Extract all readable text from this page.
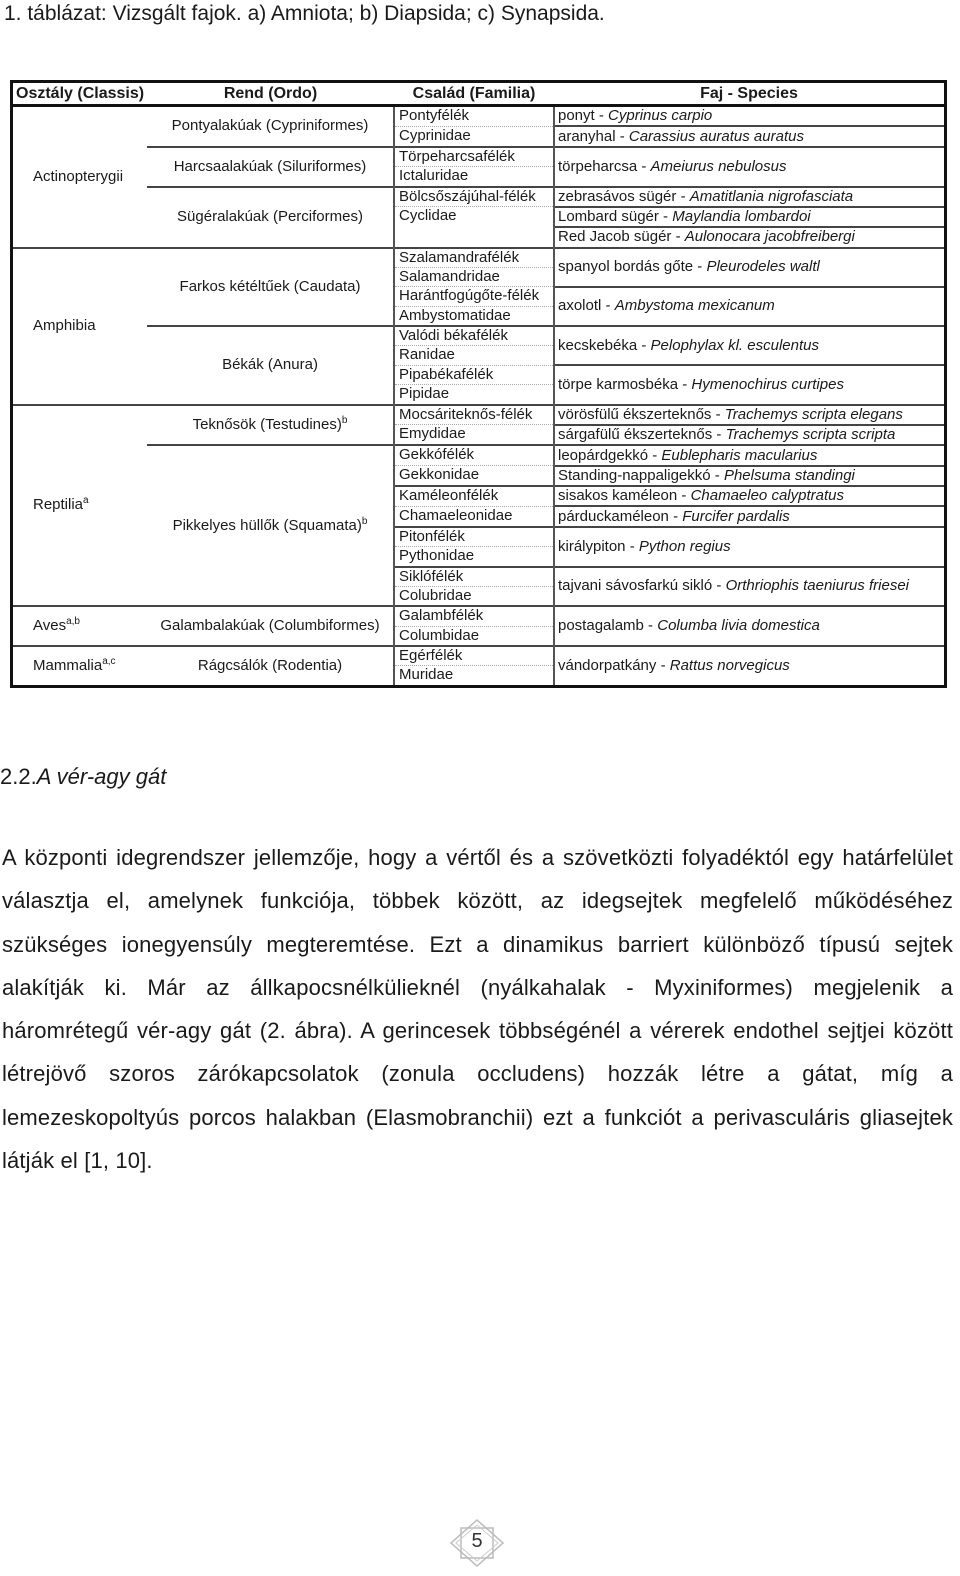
1. táblázat: Vizsgált fajok. a) Amniota; b) Diapsida; c) Synapsida.
Osztály (Classis)	Rend (Ordo)	Család (Familia)	Faj - Species
Actinopterygii	Pontyalakúak (Cypriniformes)	Pontyfélék	ponyt - Cyprinus carpio
		Cyprinidae	aranyhal - Carassius auratus auratus
	Harcsaalakúak (Siluriformes)	Törpeharcsafélék	törpeharcsa - Ameiurus nebulosus
		Ictaluridae	
	Sügéralakúak (Perciformes)	Bölcsőszájúhal-félék	zebrasávos sügér - Amatitlania nigrofasciata
		Cyclidae	Lombard sügér - Maylandia lombardoi
			Red Jacob sügér - Aulonocara jacobfreibergi
Amphibia	Farkos kétéltűek (Caudata)	Szalamandrafélék	spanyol bordás gőte - Pleurodeles waltl
		Salamandridae	
		Harántfogúgőte-félék	axolotl - Ambystoma mexicanum
		Ambystomatidae	
	Békák (Anura)	Valódi békafélék	kecskebéka - Pelophylax kl. esculentus
		Ranidae	
		Pipabékafélék	törpe karmosbéka - Hymenochirus curtipes
		Pipidae	
Reptilia$^a$	Teknősök (Testudines)$^b$	Mocsáriteknős-félék	vörösfülű ékszerteknős - Trachemys scripta elegans
		Emydidae	sárgafülű ékszerteknős - Trachemys scripta scripta
	Pikkelyes hüllők (Squamata)$^b$	Gekkófélék	leopárdgekkó - Eublepharis macularius
		Gekkonidae	Standing-nappaligekkó - Phelsuma standingi
		Kaméleonfélék	sisakos kaméleon - Chamaeleo calyptratus
		Chamaeleonidae	párduckaméleon - Furcifer pardalis
		Pitonfélék	királypiton - Python regius
		Pythonidae	
		Siklófélék	tajvani sávosfarkú sikló - Orthriophis taeniurus friesei
		Colubridae	
Aves$^{a,b}$	Galambalakúak (Columbiformes)	Galambfélék	postagalamb - Columba livia domestica
		Columbidae	
Mammalia$^{a,c}$	Rágcsálók (Rodentia)	Egérfélék	vándorpatkány - Rattus norvegicus
		Muridae	
2.2.A vér-agy gát
A központi idegrendszer jellemzője, hogy a vértől és a szövetközti folyadéktól egy határfelület választja el, amelynek funkciója, többek között, az idegsejtek megfelelő működéséhez szükséges ionegyensúly megteremtése. Ezt a dinamikus barriert különböző típusú sejtek alakítják ki. Már az állkapocsnélkülieknél (nyálkahalak - Myxiniformes) megjelenik a háromrétegű vér-agy gát (2. ábra). A gerincesek többségénél a vérerek endothel sejtjei között létrejövő szoros zárókapcsolatok (zonula occludens) hozzák létre a gátat, míg a lemezeskopoltyús porcos halakban (Elasmobranchii) ezt a funkciót a perivasculáris gliasejtek látják el [1, 10].
5
